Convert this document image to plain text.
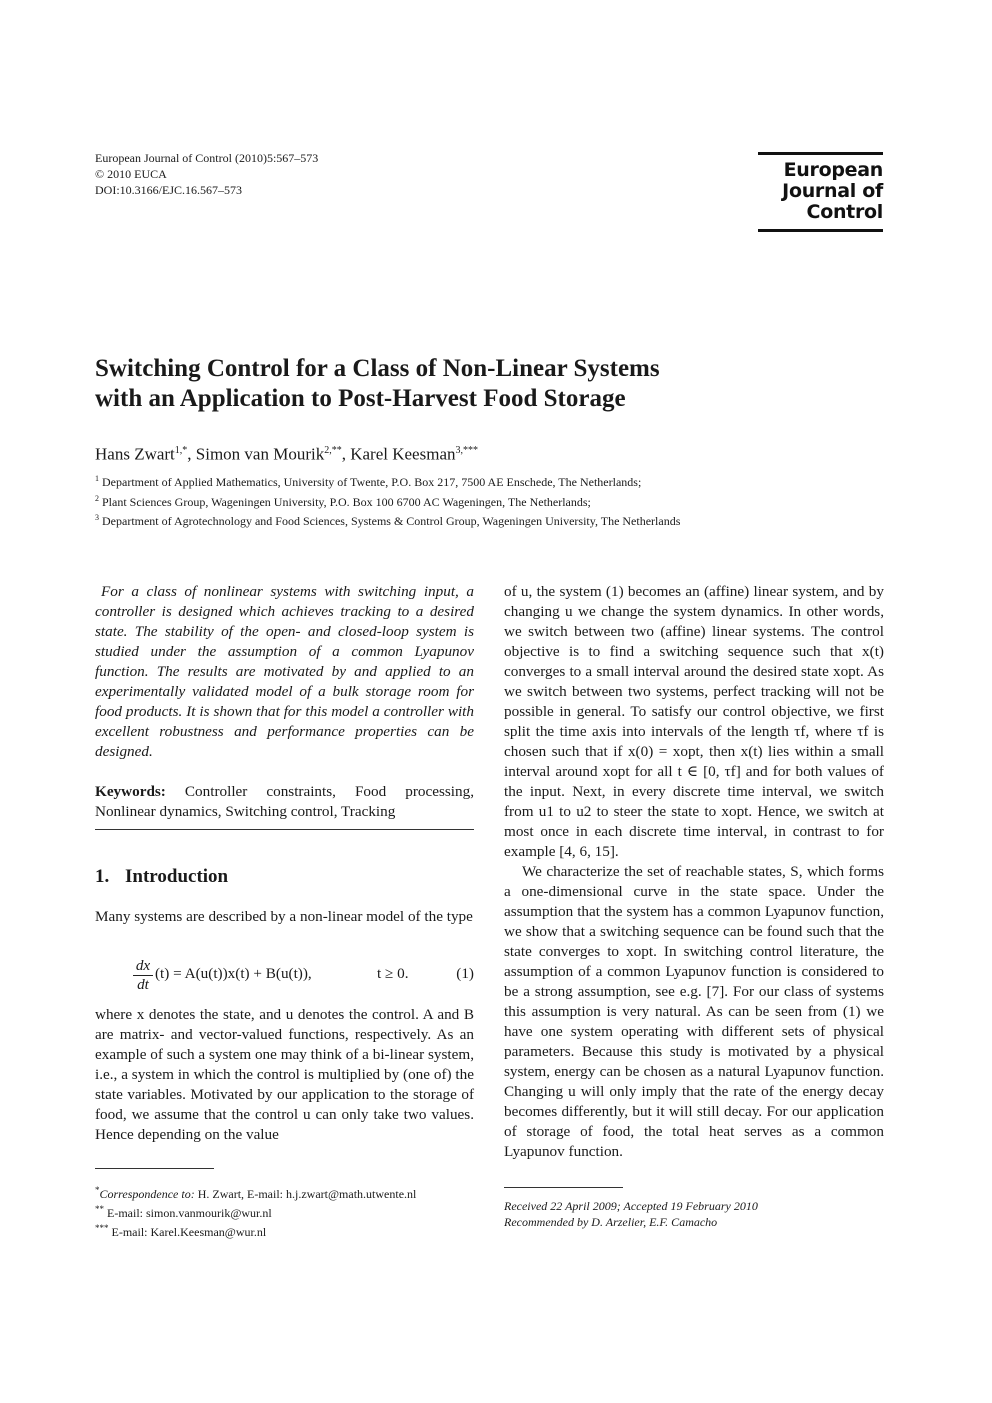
European Journal of Control (2010)5:567–573
© 2010 EUCA
DOI:10.3166/EJC.16.567–573
European
Journal of
Control
Switching Control for a Class of Non-Linear Systems
with an Application to Post-Harvest Food Storage
Hans Zwart$^{1,*}$, Simon van Mourik$^{2,**}$, Karel Keesman$^{3,***}$
$^1$ Department of Applied Mathematics, University of Twente, P.O. Box 217, 7500 AE Enschede, The Netherlands;
$^2$ Plant Sciences Group, Wageningen University, P.O. Box 100 6700 AC Wageningen, The Netherlands;
$^3$ Department of Agrotechnology and Food Sciences, Systems & Control Group, Wageningen University, The Netherlands
For a class of nonlinear systems with switching input, a controller is designed which achieves tracking to a desired state. The stability of the open- and closed-loop system is studied under the assumption of a common Lyapunov function. The results are motivated by and applied to an experimentally validated model of a bulk storage room for food products. It is shown that for this model a controller with excellent robustness and performance properties can be designed.
Keywords: Controller constraints, Food processing, Nonlinear dynamics, Switching control, Tracking
1. Introduction
Many systems are described by a non-linear model of the type
$\frac{dx}{dt} (t) = A(u(t))x(t) + B(u(t))$,	t ≥ 0.	(1)
where x denotes the state, and u denotes the control. A and B are matrix- and vector-valued functions, respectively. As an example of such a system one may think of a bi-linear system, i.e., a system in which the control is multiplied by (one of) the state variables. Motivated by our application to the storage of food, we assume that the control u can only take two values. Hence depending on the value
*Correspondence to: H. Zwart, E-mail: h.j.zwart@math.utwente.nl
** E-mail: simon.vanmourik@wur.nl
*** E-mail: Karel.Keesman@wur.nl

of u, the system (1) becomes an (affine) linear system, and by changing u we change the system dynamics. In other words, we switch between two (affine) linear systems. The control objective is to find a switching sequence such that x(t) converges to a small interval around the desired state xopt. As we switch between two systems, perfect tracking will not be possible in general. To satisfy our control objective, we first split the time axis into intervals of the length τf, where τf is chosen such that if x(0) = xopt, then x(t) lies within a small interval around xopt for all t ∈ [0, τf] and for both values of the input. Next, in every discrete time interval, we switch from u1 to u2 to steer the state to xopt. Hence, we switch at most once in each discrete time interval, in contrast to for example [4, 6, 15].

We characterize the set of reachable states, S, which forms a one-dimensional curve in the state space. Under the assumption that the system has a common Lyapunov function, we show that a switching sequence can be found such that the state converges to xopt. In switching control literature, the assumption of a common Lyapunov function is considered to be a strong assumption, see e.g. [7]. For our class of systems this assumption is very natural. As can be seen from (1) we have one system operating with different sets of physical parameters. Because this study is motivated by a physical system, energy can be chosen as a natural Lyapunov function. Changing u will only imply that the rate of the energy decay becomes differently, but it will still decay. For our application of storage of food, the total heat serves as a common Lyapunov function.

Received 22 April 2009; Accepted 19 February 2010
Recommended by D. Arzelier, E.F. Camacho
